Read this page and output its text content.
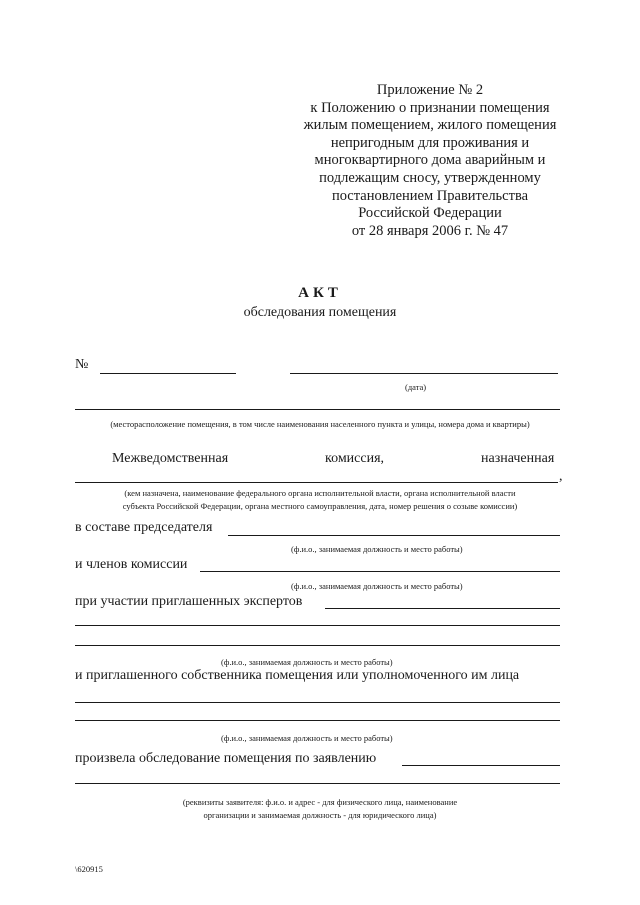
Приложение № 2
к Положению о признании помещения
жилым помещением, жилого помещения
непригодным для проживания и
многоквартирного дома аварийным и
подлежащим сносу, утвержденному
постановлением Правительства
Российской Федерации
от 28 января 2006 г. № 47
АКТ
обследования помещения
№
(дата)
(месторасположение помещения, в том числе наименования населенного пункта и улицы, номера дома и квартиры)
Межведомственная	комиссия,	назначенная
,
(кем назначена, наименование федерального органа исполнительной власти, органа исполнительной власти
субъекта Российской Федерации, органа местного самоуправления, дата, номер решения о созыве комиссии)
в составе председателя
(ф.и.о., занимаемая должность и место работы)
и членов комиссии
(ф.и.о., занимаемая должность и место работы)
при участии приглашенных экспертов
(ф.и.о., занимаемая должность и место работы)
и приглашенного собственника помещения или уполномоченного им лица
(ф.и.о., занимаемая должность и место работы)
произвела обследование помещения по заявлению
(реквизиты заявителя: ф.и.о. и адрес - для физического лица, наименование
организации и занимаемая должность - для юридического лица)
\620915
